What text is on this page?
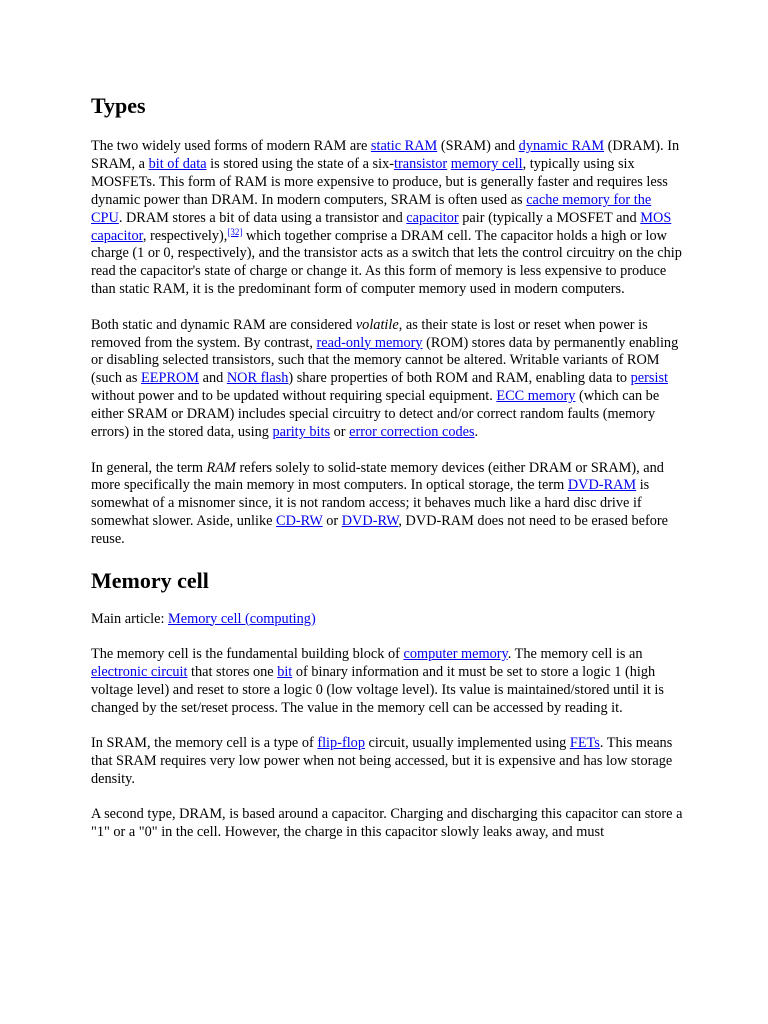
Types

The two widely used forms of modern RAM are static RAM (SRAM) and dynamic RAM (DRAM). In SRAM, a bit of data is stored using the state of a six-transistor memory cell, typically using six MOSFETs. This form of RAM is more expensive to produce, but is generally faster and requires less dynamic power than DRAM. In modern computers, SRAM is often used as cache memory for the CPU. DRAM stores a bit of data using a transistor and capacitor pair (typically a MOSFET and MOS capacitor, respectively),[32] which together comprise a DRAM cell. The capacitor holds a high or low charge (1 or 0, respectively), and the transistor acts as a switch that lets the control circuitry on the chip read the capacitor's state of charge or change it. As this form of memory is less expensive to produce than static RAM, it is the predominant form of computer memory used in modern computers.

Both static and dynamic RAM are considered volatile, as their state is lost or reset when power is removed from the system. By contrast, read-only memory (ROM) stores data by permanently enabling or disabling selected transistors, such that the memory cannot be altered. Writable variants of ROM (such as EEPROM and NOR flash) share properties of both ROM and RAM, enabling data to persist without power and to be updated without requiring special equipment. ECC memory (which can be either SRAM or DRAM) includes special circuitry to detect and/or correct random faults (memory errors) in the stored data, using parity bits or error correction codes.

In general, the term RAM refers solely to solid-state memory devices (either DRAM or SRAM), and more specifically the main memory in most computers. In optical storage, the term DVD-RAM is somewhat of a misnomer since, it is not random access; it behaves much like a hard disc drive if somewhat slower. Aside, unlike CD-RW or DVD-RW, DVD-RAM does not need to be erased before reuse.

Memory cell

Main article: Memory cell (computing)

The memory cell is the fundamental building block of computer memory. The memory cell is an electronic circuit that stores one bit of binary information and it must be set to store a logic 1 (high voltage level) and reset to store a logic 0 (low voltage level). Its value is maintained/stored until it is changed by the set/reset process. The value in the memory cell can be accessed by reading it.

In SRAM, the memory cell is a type of flip-flop circuit, usually implemented using FETs. This means that SRAM requires very low power when not being accessed, but it is expensive and has low storage density.

A second type, DRAM, is based around a capacitor. Charging and discharging this capacitor can store a "1" or a "0" in the cell. However, the charge in this capacitor slowly leaks away, and must
